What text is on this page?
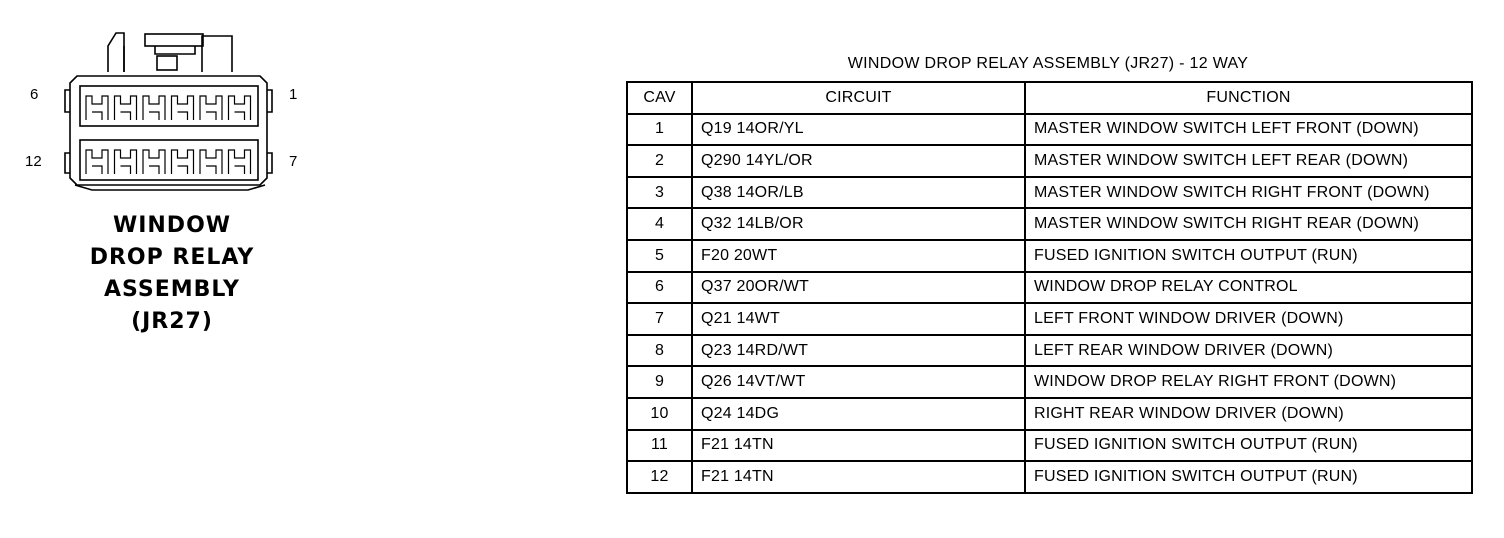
6	1
12	7
WINDOW
DROP RELAY
ASSEMBLY
(JR27)
WINDOW DROP RELAY ASSEMBLY (JR27) - 12 WAY
CAV	CIRCUIT	FUNCTION
1	Q19 14OR/YL	MASTER WINDOW SWITCH LEFT FRONT (DOWN)
2	Q290 14YL/OR	MASTER WINDOW SWITCH LEFT REAR (DOWN)
3	Q38 14OR/LB	MASTER WINDOW SWITCH RIGHT FRONT (DOWN)
4	Q32 14LB/OR	MASTER WINDOW SWITCH RIGHT REAR (DOWN)
5	F20 20WT	FUSED IGNITION SWITCH OUTPUT (RUN)
6	Q37 20OR/WT	WINDOW DROP RELAY CONTROL
7	Q21 14WT	LEFT FRONT WINDOW DRIVER (DOWN)
8	Q23 14RD/WT	LEFT REAR WINDOW DRIVER (DOWN)
9	Q26 14VT/WT	WINDOW DROP RELAY RIGHT FRONT (DOWN)
10	Q24 14DG	RIGHT REAR WINDOW DRIVER (DOWN)
11	F21 14TN	FUSED IGNITION SWITCH OUTPUT (RUN)
12	F21 14TN	FUSED IGNITION SWITCH OUTPUT (RUN)
